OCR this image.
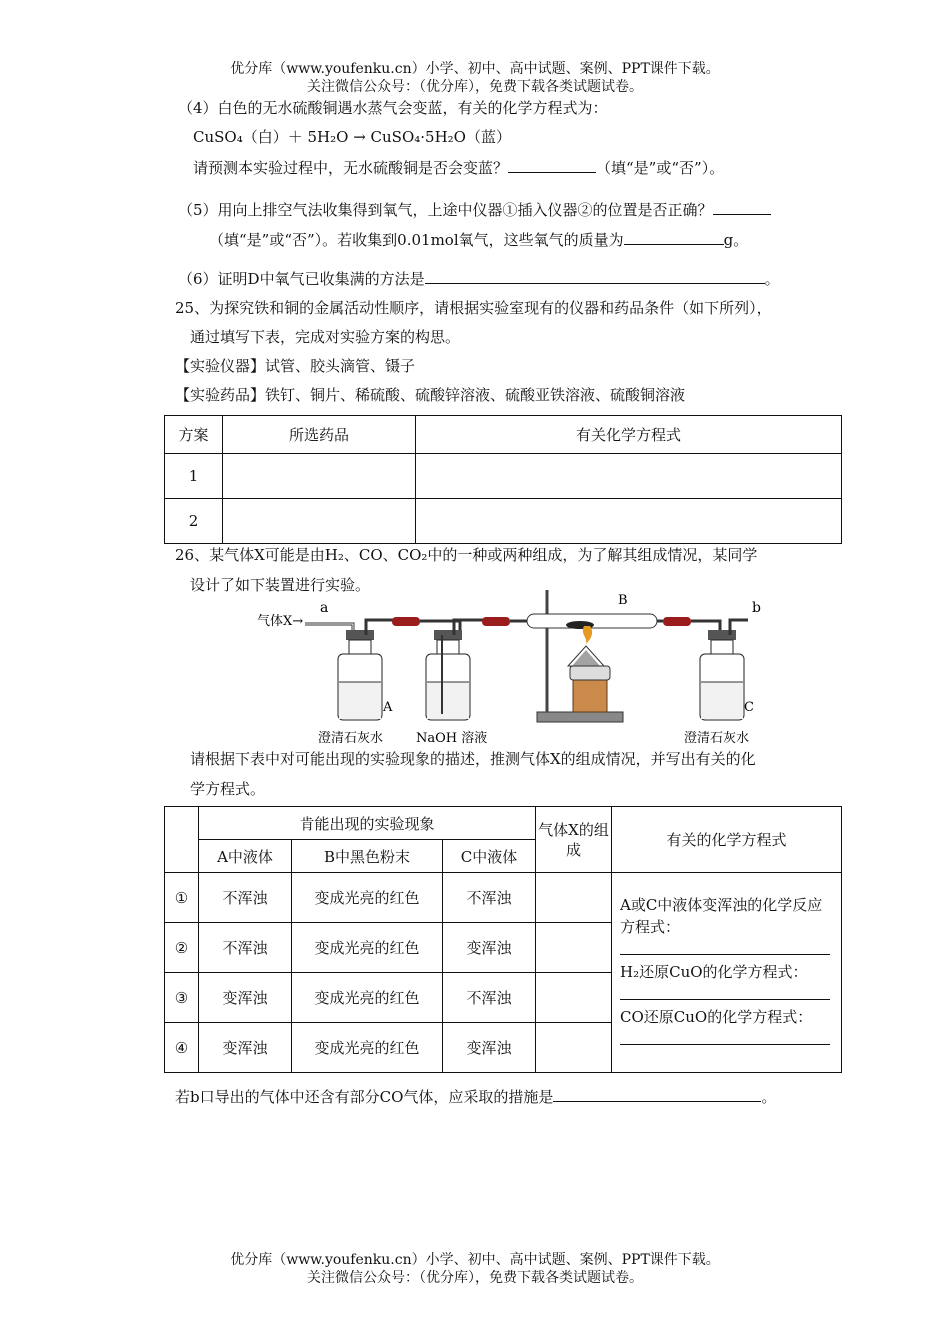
优分库（www.youfenku.cn）小学、初中、高中试题、案例、PPT课件下载。
关注微信公众号：（优分库），免费下载各类试题试卷。
（4）白色的无水硫酸铜遇水蒸气会变蓝，有关的化学方程式为：
CuSO₄（白）＋ 5H₂O → CuSO₄·5H₂O（蓝）
请预测本实验过程中，无水硫酸铜是否会变蓝？	（填“是”或“否”）。
（5）用向上排空气法收集得到氧气，上途中仪器①插入仪器②的位置是否正确？
（填“是”或“否”）。若收集到0.01mol氧气，这些氧气的质量为	g。
（6）证明D中氧气已收集满的方法是	。
25、为探究铁和铜的金属活动性顺序，请根据实验室现有的仪器和药品条件（如下所列），
通过填写下表，完成对实验方案的构思。
【实验仪器】试管、胶头滴管、镊子
【实验药品】铁钉、铜片、稀硫酸、硫酸锌溶液、硫酸亚铁溶液、硫酸铜溶液
方案	所选药品	有关化学方程式
1		
2		
26、某气体X可能是由H₂、CO、CO₂中的一种或两种组成，为了解其组成情况，某同学
设计了如下装置进行实验。
气体X→
a	B	b
A	C
澄清石灰水	NaOH 溶液	澄清石灰水
请根据下表中对可能出现的实验现象的描述，推测气体X的组成情况，并写出有关的化
学方程式。
	肯能出现的实验现象			气体X的组成	有关的化学方程式
	A中液体	B中黑色粉末	C中液体		
①	不浑浊	变成光亮的红色	不浑浊		A或C中液体变浑浊的化学反应方程式：
H₂还原CuO的化学方程式：
CO还原CuO的化学方程式：

②	不浑浊	变成光亮的红色	变浑浊		
③	变浑浊	变成光亮的红色	不浑浊		
④	变浑浊	变成光亮的红色	变浑浊		
若b口导出的气体中还含有部分CO气体，应采取的措施是	。
优分库（www.youfenku.cn）小学、初中、高中试题、案例、PPT课件下载。
关注微信公众号：（优分库），免费下载各类试题试卷。
